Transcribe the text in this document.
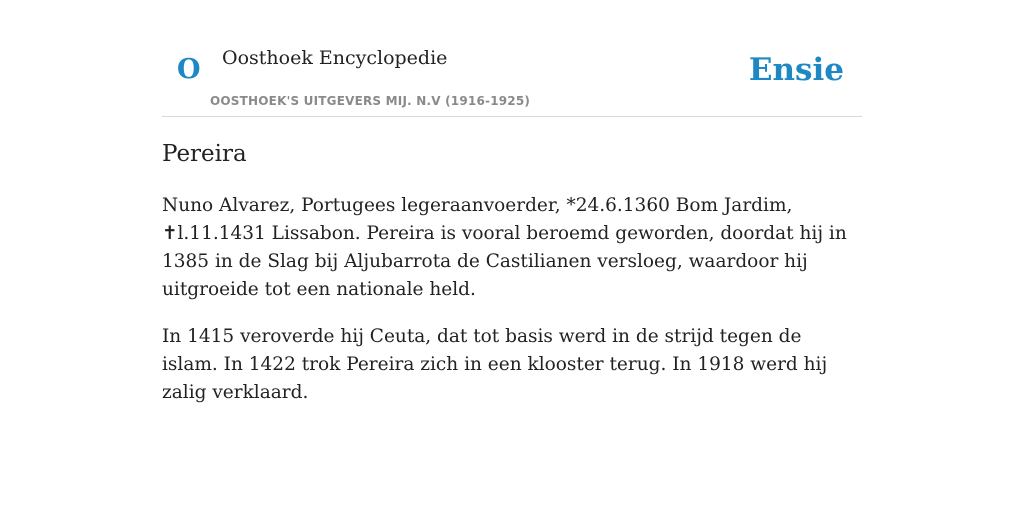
O Oosthoek Encyclopedie
OOSTHOEK'S UITGEVERS MIJ. N.V (1916-1925)
Ensie
Pereira

Nuno Alvarez, Portugees legeraanvoerder, *24.6.1360 Bom Jardim, ✝l.11.1431 Lissabon. Pereira is vooral beroemd geworden, doordat hij in 1385 in de Slag bij Aljubarrota de Castilianen versloeg, waardoor hij uitgroeide tot een nationale held.

In 1415 veroverde hij Ceuta, dat tot basis werd in de strijd tegen de islam. In 1422 trok Pereira zich in een klooster terug. In 1918 werd hij zalig verklaard.
